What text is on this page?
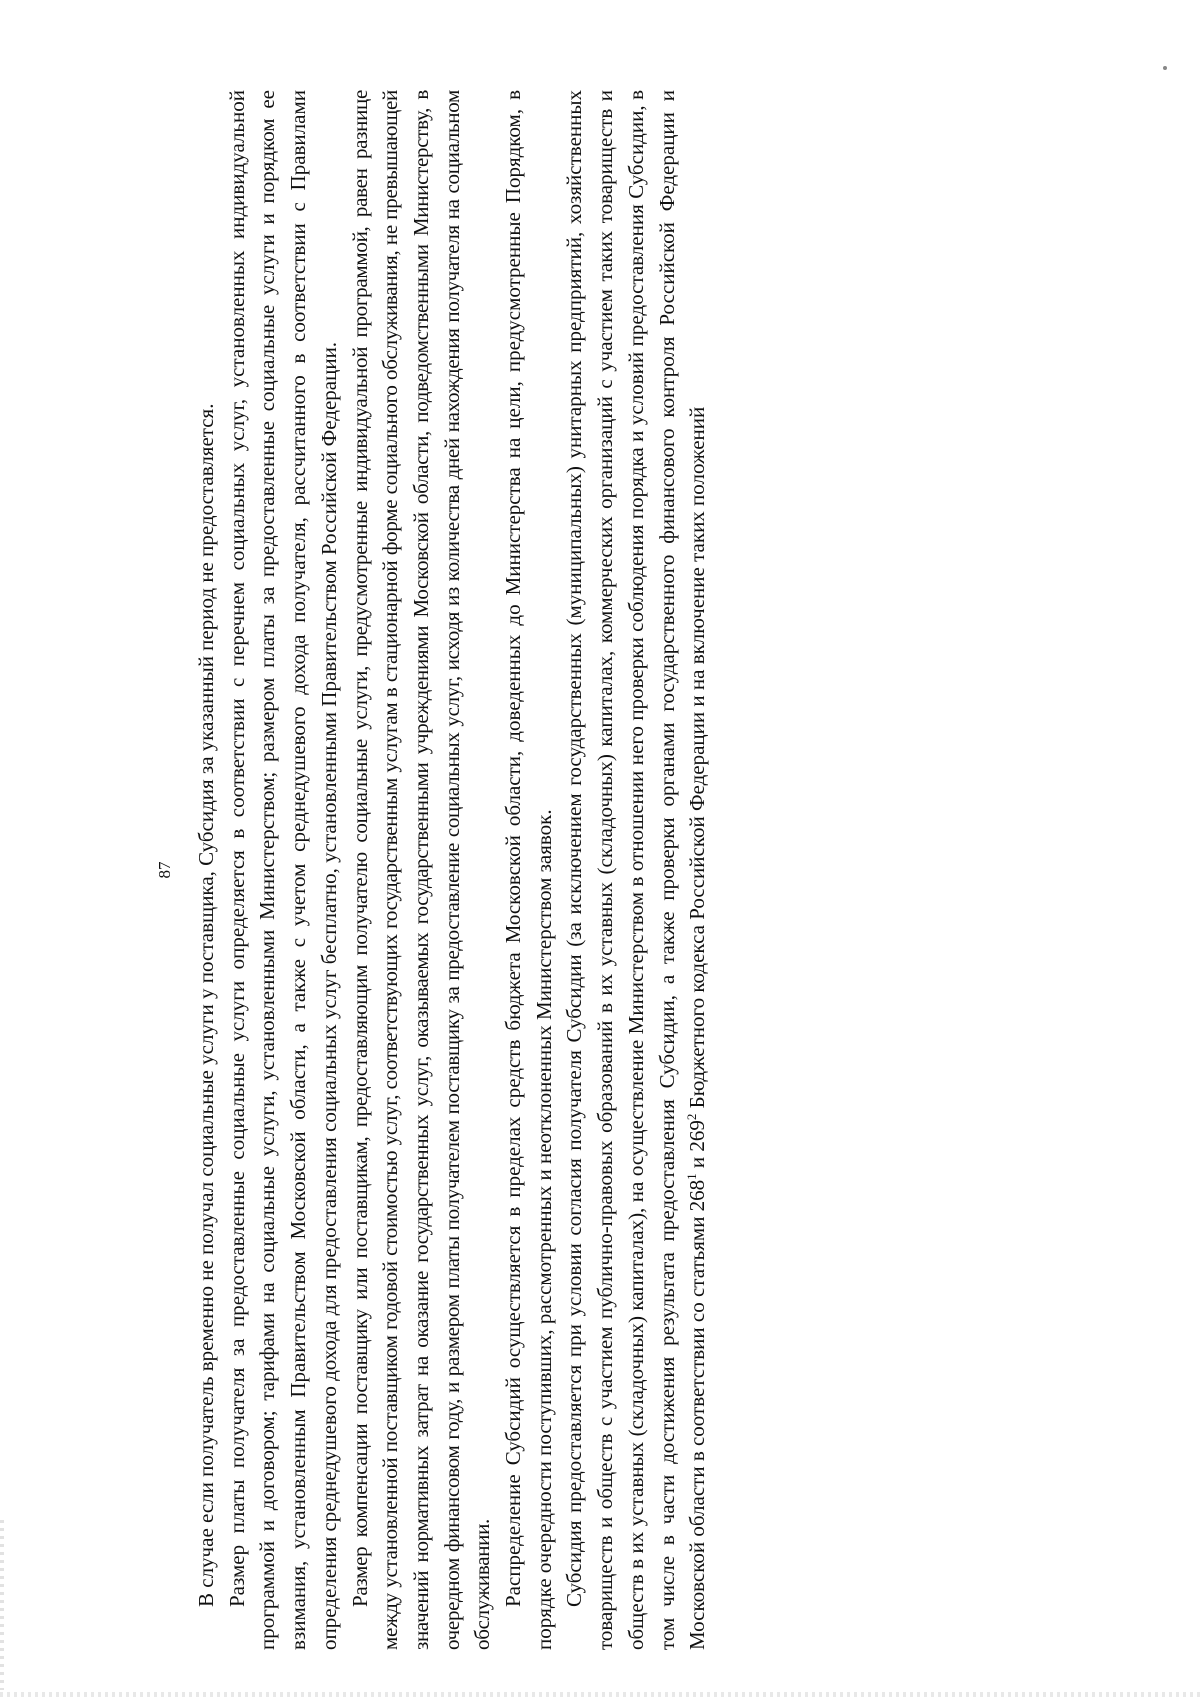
87 В случае если получатель временно не получал социальные услуги у поставщика, Субсидия за указанный период не предоставляется. Размер платы получателя за предоставленные социальные услуги определяется в соответствии с перечнем социальных услуг, установленных индивидуальной программой и договором; тарифами на социальные услуги, установленными Министерством; размером платы за предоставленные социальные услуги и порядком ее взимания, установленным Правительством Московской области, а также с учетом среднедушевого дохода получателя, рассчитанного в соответствии с Правилами определения среднедушевого дохода для предоставления социальных услуг бесплатно, установленными Правительством Российской Федерации. Размер компенсации поставщику или поставщикам, предоставляющим получателю социальные услуги, предусмотренные индивидуальной программой, равен разнице между установленной поставщиком годовой стоимостью услуг, соответствующих государственным услугам в стационарной форме социального обслуживания, не превышающей значений нормативных затрат на оказание государственных услуг, оказываемых государственными учреждениями Московской области, подведомственными Министерству, в очередном финансовом году, и размером платы получателем поставщику за предоставление социальных услуг, исходя из количества дней нахождения получателя на социальном обслуживании. Распределение Субсидий осуществляется в пределах средств бюджета Московской области, доведенных до Министерства на цели, предусмотренные Порядком, в порядке очередности поступивших, рассмотренных и неотклоненных Министерством заявок. Субсидия предоставляется при условии согласия получателя Субсидии (за исключением государственных (муниципальных) унитарных предприятий, хозяйственных товариществ и обществ с участием публично-правовых образований в их уставных (складочных) капиталах, коммерческих организаций с участием таких товариществ и обществ в их уставных (складочных) капиталах), на осуществление Министерством в отношении него проверки соблюдения порядка и условий предоставления Субсидии, в том числе в части достижения результата предоставления Субсидии, а также проверки органами государственного финансового контроля Российской Федерации и Московской области в соответствии со статьями $268^1$ и $269^2$ Бюджетного кодекса Российской Федерации и на включение таких положений
